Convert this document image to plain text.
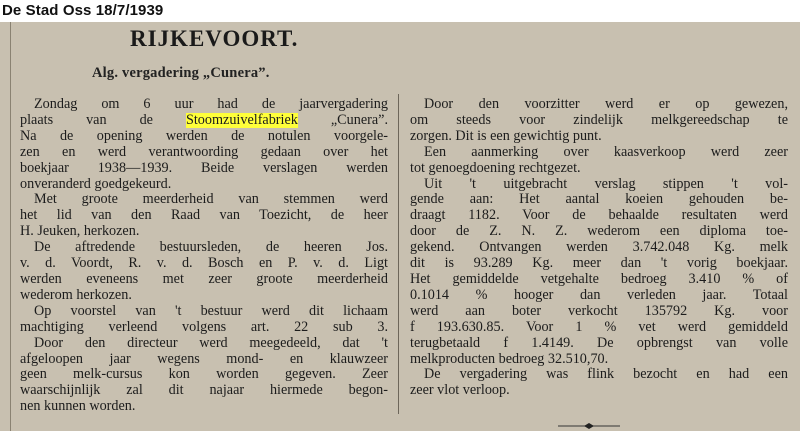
De Stad Oss 18/7/1939
RIJKEVOORT.
Alg. vergadering „Cunera”.
Zondag om 6 uur had de jaarvergadering
plaats van de Stoomzuivelfabriek „Cunera”.
Na de opening werden de notulen voorgele-
zen en werd verantwoording gedaan over het
boekjaar 1938—1939. Beide verslagen werden
onveranderd goedgekeurd.
Met groote meerderheid van stemmen werd
het lid van den Raad van Toezicht, de heer
H. Jeuken, herkozen.
De aftredende bestuursleden, de heeren Jos.
v. d. Voordt, R. v. d. Bosch en P. v. d. Ligt
werden eveneens met zeer groote meerderheid
wederom herkozen.
Op voorstel van 't bestuur werd dit lichaam
machtiging verleend volgens art. 22 sub 3.
Door den directeur werd meegedeeld, dat 't
afgeloopen jaar wegens mond- en klauwzeer
geen melk-cursus kon worden gegeven. Zeer
waarschijnlijk zal dit najaar hiermede begon-
nen kunnen worden.
Door den voorzitter werd er op gewezen,
om steeds voor zindelijk melkgereedschap te
zorgen. Dit is een gewichtig punt.
Een aanmerking over kaasverkoop werd zeer
tot genoegdoening rechtgezet.
Uit 't uitgebracht verslag stippen 't vol-
gende aan: Het aantal koeien gehouden be-
draagt 1182. Voor de behaalde resultaten werd
door de Z. N. Z. wederom een diploma toe-
gekend. Ontvangen werden 3.742.048 Kg. melk
dit is 93.289 Kg. meer dan 't vorig boekjaar.
Het gemiddelde vetgehalte bedroeg 3.410 % of
0.1014 % hooger dan verleden jaar. Totaal
werd aan boter verkocht 135792 Kg. voor
f 193.630.85. Voor 1 % vet werd gemiddeld
terugbetaald f 1.4149. De opbrengst van volle
melkproducten bedroeg 32.510,70.
De vergadering was flink bezocht en had een
zeer vlot verloop.
